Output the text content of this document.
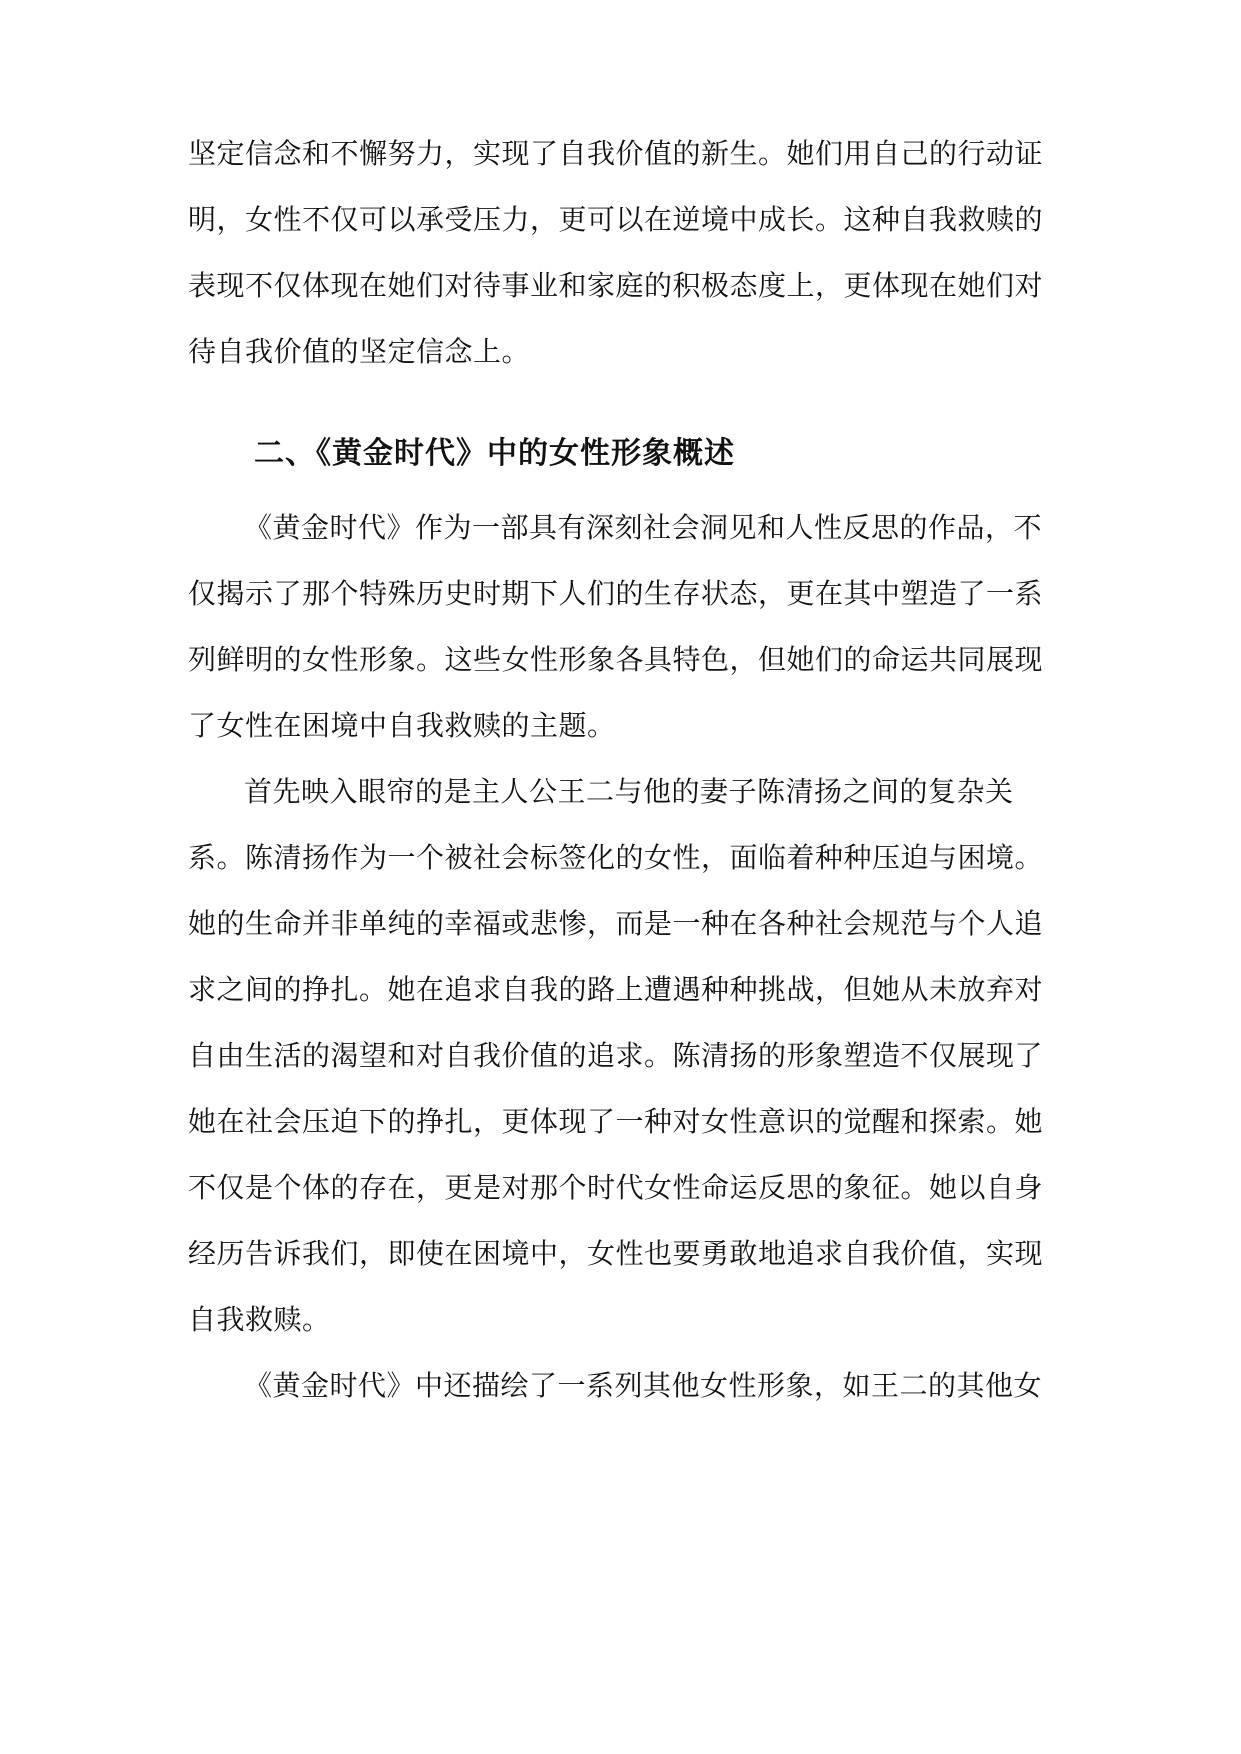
坚定信念和不懈努力，实现了自我价值的新生。她们用自己的行动证
明，女性不仅可以承受压力，更可以在逆境中成长。这种自我救赎的
表现不仅体现在她们对待事业和家庭的积极态度上，更体现在她们对
待自我价值的坚定信念上。
二、《黄金时代》中的女性形象概述
《黄金时代》作为一部具有深刻社会洞见和人性反思的作品，不
仅揭示了那个特殊历史时期下人们的生存状态，更在其中塑造了一系
列鲜明的女性形象。这些女性形象各具特色，但她们的命运共同展现
了女性在困境中自我救赎的主题。
首先映入眼帘的是主人公王二与他的妻子陈清扬之间的复杂关
系。陈清扬作为一个被社会标签化的女性，面临着种种压迫与困境。
她的生命并非单纯的幸福或悲惨，而是一种在各种社会规范与个人追
求之间的挣扎。她在追求自我的路上遭遇种种挑战，但她从未放弃对
自由生活的渴望和对自我价值的追求。陈清扬的形象塑造不仅展现了
她在社会压迫下的挣扎，更体现了一种对女性意识的觉醒和探索。她
不仅是个体的存在，更是对那个时代女性命运反思的象征。她以自身
经历告诉我们，即使在困境中，女性也要勇敢地追求自我价值，实现
自我救赎。
《黄金时代》中还描绘了一系列其他女性形象，如王二的其他女
